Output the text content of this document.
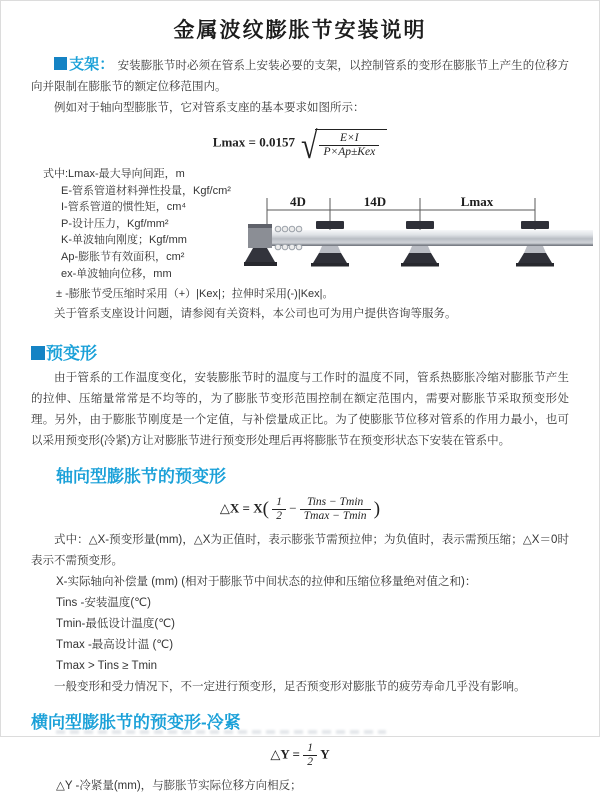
金属波纹膨胀节安装说明

支架： 安装膨胀节时必须在管系上安装必要的支架，以控制管系的变形在膨胀节上产生的位移方向并限制在膨胀节的额定位移范围内。

例如对于轴向型膨胀节，它对管系支座的基本要求如图所示：

Lmax = 0.0157 √ $\frac{E\times I}{\text{P×Ap±Kex}}$
式中:Lmax-最大导向间距，m
E-管系管道材料弹性投量，Kgf/cm²
I-管系管道的惯性矩，cm⁴
P-设计压力，Kgf/mm²
K-单波轴向刚度；Kgf/mm
Ap-膨胀节有效面积，cm²
ex-单波轴向位移，mm
4D	14D	Lmax

± -膨胀节受压缩时采用（+）|Kex|；拉伸时采用(-)|Kex|。

关于管系支座设计问题，请参阅有关资料，本公司也可为用户提供咨询等服务。

预变形

由于管系的工作温度变化，安装膨胀节时的温度与工作时的温度不同，管系热膨胀冷缩对膨胀节产生的拉伸、压缩量常常是不均等的，为了膨胀节变形范围控制在额定范围内，需要对膨胀节采取预变形处理。另外，由于膨胀节刚度是一个定值，与补偿量成正比。为了使膨胀节位移对管系的作用力最小，也可以采用预变形(冷紧)方让对膨胀节进行预变形处理后再将膨胀节在预变形状态下安装在管系中。

轴向型膨胀节的预变形
△X = $X( \frac{1}{2} - \frac{\text{Tins − Tmin}}{Tmax - Tmin}$ )

式中：△X-预变形量(mm)，△X为正值时，表示膨张节需预拉伸；为负值时，表示需预压缩；△X＝0时表示不需预变形。

X-实际轴向补偿量 (mm) (相对于膨胀节中间状态的拉伸和压缩位移量绝对值之和)：

Tins -安装温度(℃)

Tmin-最低设计温度(℃)

Tmax -最高设计温 (℃)

Tmax > Tins ≥ Tmin

一般变形和受力情况下，不一定进行预变形，足否预变形对膨胀节的疲劳寿命几乎没有影响。

横向型膨胀节的预变形-冷紧
△Y = $\frac{1}{2}$ Y

△Y -冷紧量(mm)，与膨胀节实际位移方向相反；
